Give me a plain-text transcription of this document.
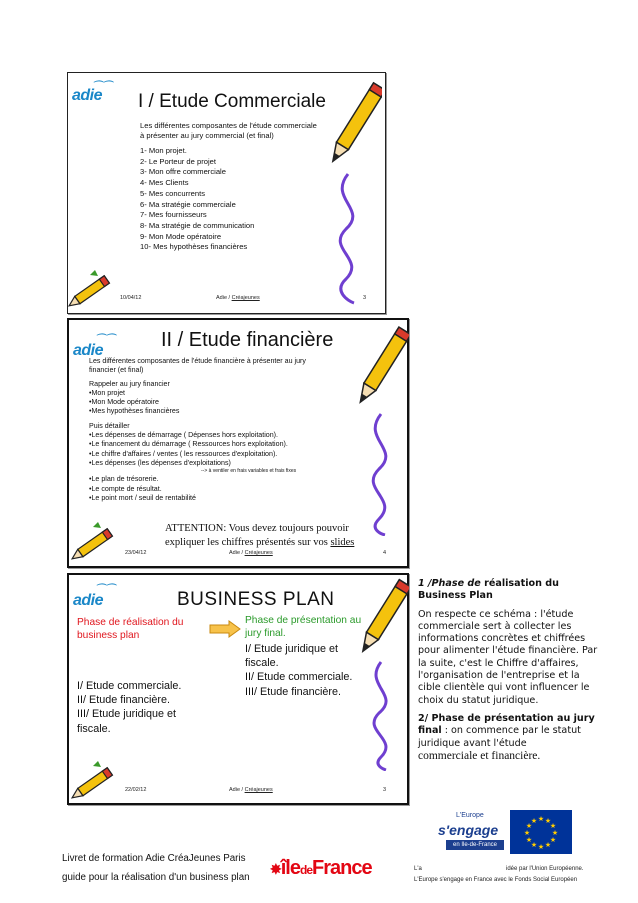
⌒⌒
adie I / Etude Commerciale
Les différentes composantes de l'étude commerciale
à présenter au jury commercial (et final)
1- Mon projet.
2- Le Porteur de projet
3- Mon offre commerciale
4- Mes Clients
5- Mes concurrents
6- Ma stratégie commerciale
7- Mes fournisseurs
8- Ma stratégie de communication
9- Mon Mode opératoire
10- Mes hypothèses financières
10/04/12	Adie / Créajeunes	3
⌒⌒
adie	II / Etude financière
Les différentes composantes de l'étude financière à présenter au jury
financier (et final)
Rappeler au jury financier
•Mon projet
•Mon Mode opératoire
•Mes hypothèses financières
Puis détailler
•Les dépenses de démarrage ( Dépenses hors exploitation).
•Le financement du démarrage ( Ressources hors exploitation).
•Le chiffre d'affaires / ventes ( les ressources d'exploitation).
•Les dépenses (les dépenses d'exploitations)
--> à ventiler en frais variables et frais fixes
•Le plan de trésorerie.
•Le compte de résultat.
•Le point mort / seuil de rentabilité
ATTENTION: Vous devez toujours pouvoir
expliquer les chiffres présentés sur vos slides
23/04/12	Adie / Créajeunes	4
⌒⌒
adie	BUSINESS PLAN
Phase de réalisation du
business plan
I/ Etude commerciale.
II/ Etude financière.
III/ Etude juridique et
fiscale.
Phase de présentation au
jury final.
I/ Etude juridique et
fiscale.
II/ Etude commerciale.
III/ Etude financière.
22/02/12	Adie / Créajeunes	3

1 /Phase de réalisation du
Business Plan

On respecte ce schéma : l'étude commerciale sert à collecter les informations concrètes et chiffrées pour alimenter l'étude financière. Par la suite, c'est le Chiffre d'affaires, l'organisation de l'entreprise et la cible clientèle qui vont influencer le choix du statut juridique.

2/ Phase de présentation au jury final : on commence par le statut juridique avant l'étude
commerciale et financière.

Livret de formation Adie CréaJeunes Paris
guide pour la réalisation d'un business plan
✸îledeFrance
L'Europe
s'engage
en Ile-de-France
★ ★
★
★
★
★
★
★
★
★
★
★
L'a	idée par l'Union Européenne.
L'Europe s'engage en France avec le Fonds Social Européen
